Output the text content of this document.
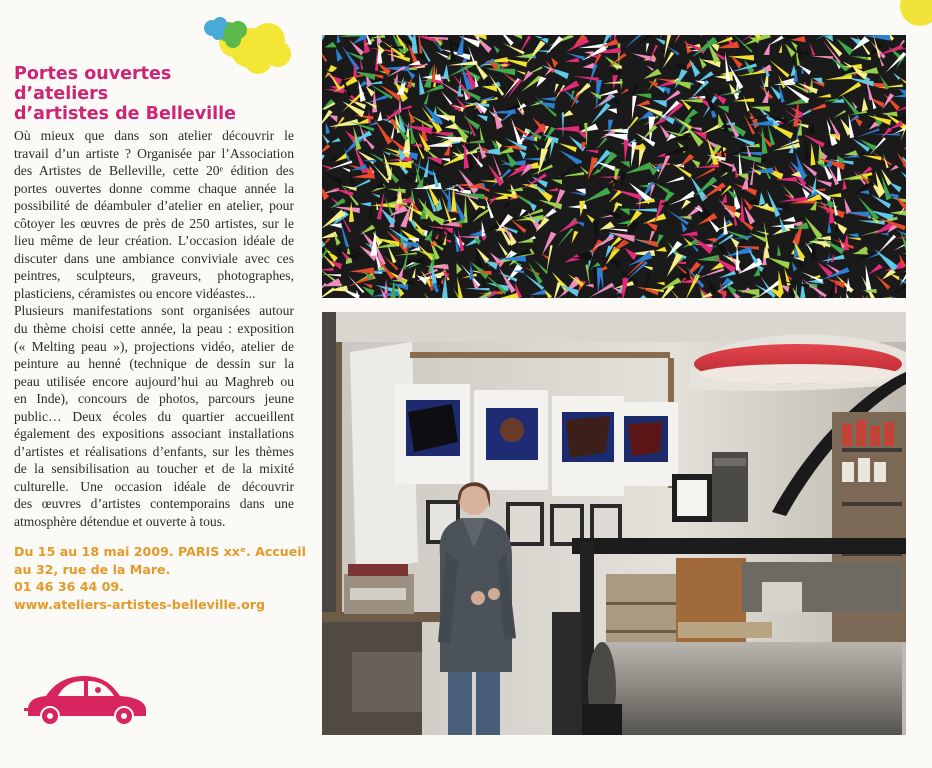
Portes ouvertes
d’ateliers
d’artistes de Belleville
Où mieux que dans son atelier découvrir le
travail d’un artiste ? Organisée par l’Association
des Artistes de Belleville, cette 20ᵉ édition des
portes ouvertes donne comme chaque année la
possibilité de déambuler d’atelier en atelier, pour
côtoyer les œuvres de près de 250 artistes, sur le
lieu même de leur création. L’occasion idéale de
discuter dans une ambiance conviviale avec ces
peintres, sculpteurs, graveurs, photographes,
plasticiens, céramistes ou encore vidéastes...
Plusieurs manifestations sont organisées autour
du thème choisi cette année, la peau : exposition
(« Melting peau »), projections vidéo, atelier de
peinture au henné (technique de dessin sur la
peau utilisée encore aujourd’hui au Maghreb ou
en Inde), concours de photos, parcours jeune
public… Deux écoles du quartier accueillent
également des expositions associant installations
d’artistes et réalisations d’enfants, sur les thèmes
de la sensibilisation au toucher et de la mixité
culturelle. Une occasion idéale de découvrir
des œuvres d’artistes contemporains dans une
atmosphère détendue et ouverte à tous.
Du 15 au 18 mai 2009. PARIS xxᵉ. Accueil
au 32, rue de la Mare.
01 46 36 44 09.
www.ateliers-artistes-belleville.org
